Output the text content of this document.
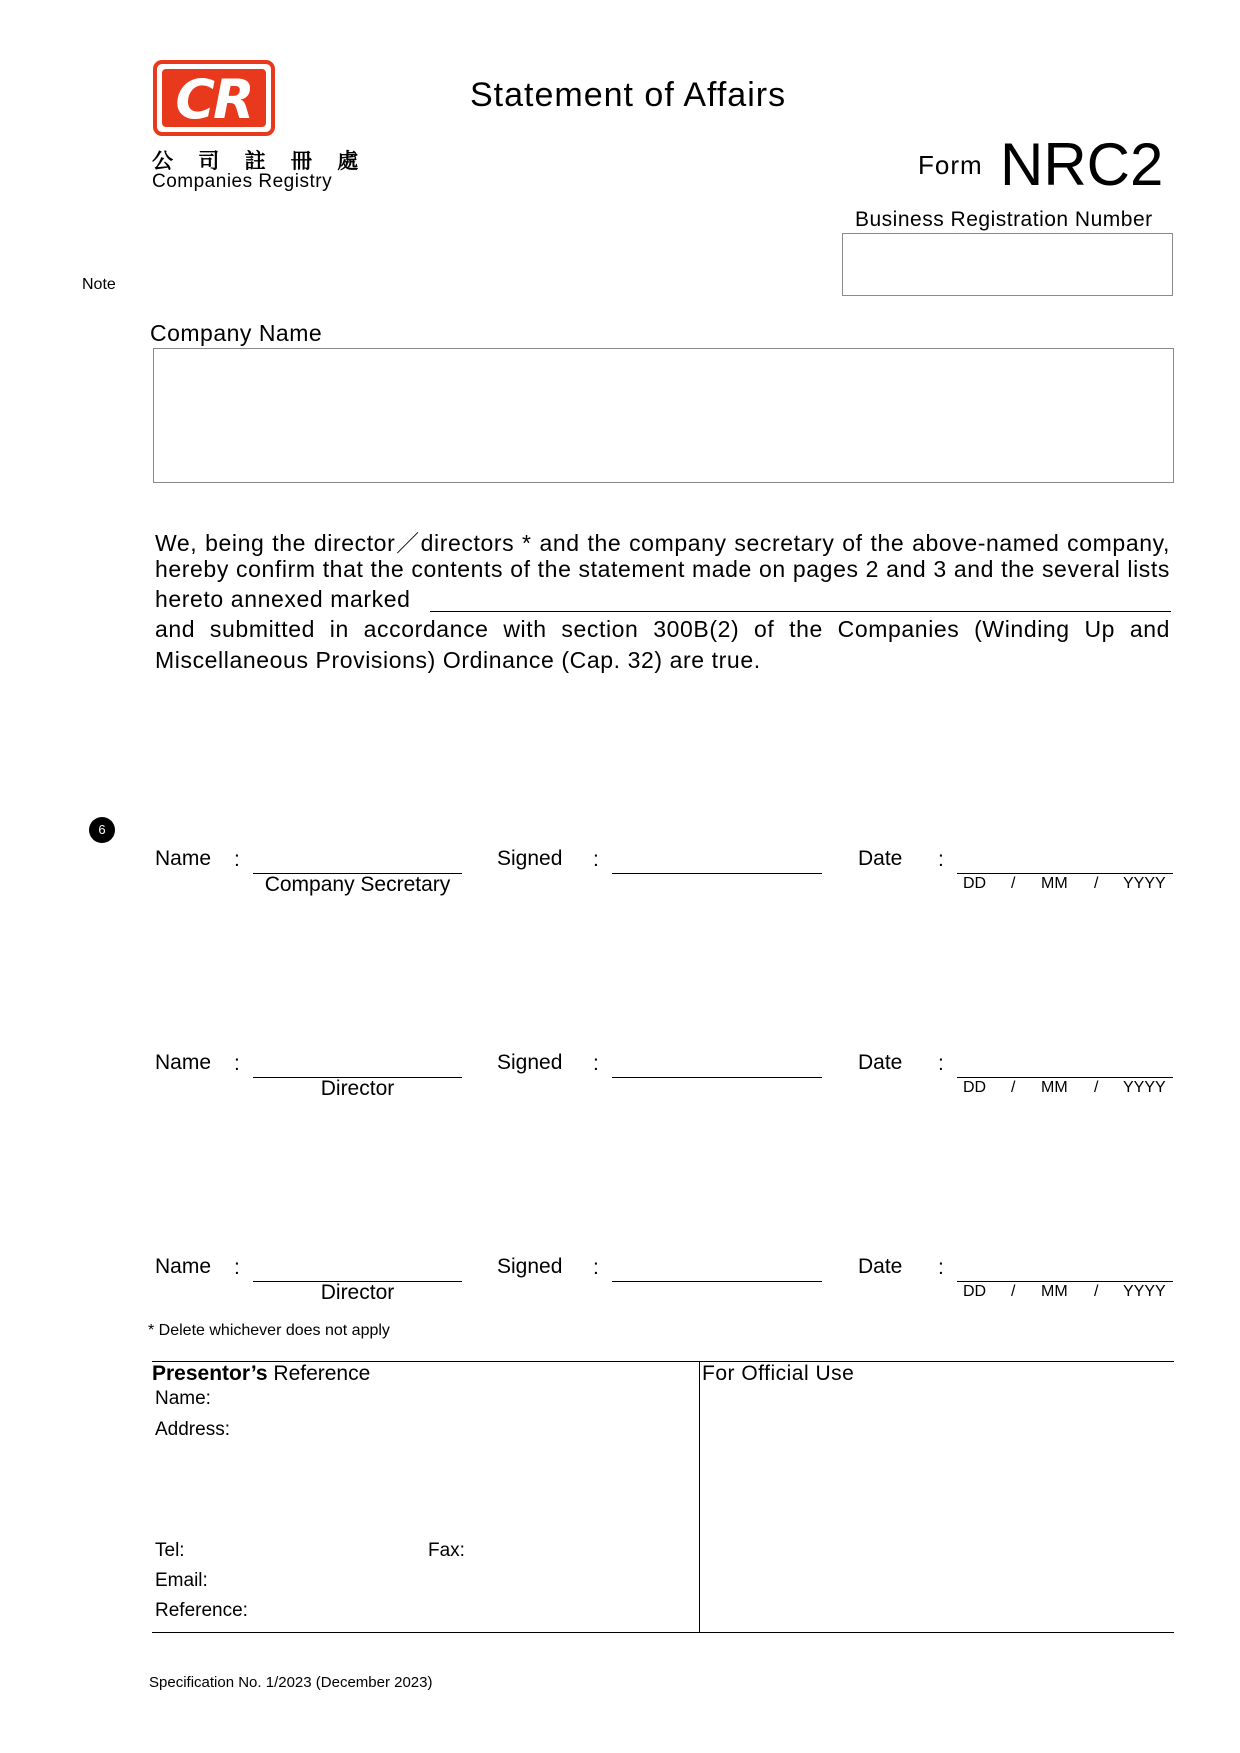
CR
公 司 註 冊 處
Companies Registry
Statement of Affairs
Form NRC2
Business Registration Number
Note
Company Name
We, being the director／directors * and the company secretary of the above-named company,
hereby confirm that the contents of the statement made on pages 2 and 3 and the several lists
hereto annexed marked
and submitted in accordance with section 300B(2) of the Companies (Winding Up and
Miscellaneous Provisions) Ordinance (Cap. 32) are true.
6
Name :
Company Secretary
Signed :	Date :
DD / MM / YYYY
Name :
Director
Signed :	Date :
DD / MM / YYYY
Name :
Director
Signed :	Date :
DD / MM / YYYY
* Delete whichever does not apply
Presentor’s Reference
Name:
Address:
Tel:	Fax:
Email:
Reference:
For Official Use
Specification No. 1/2023 (December 2023)
